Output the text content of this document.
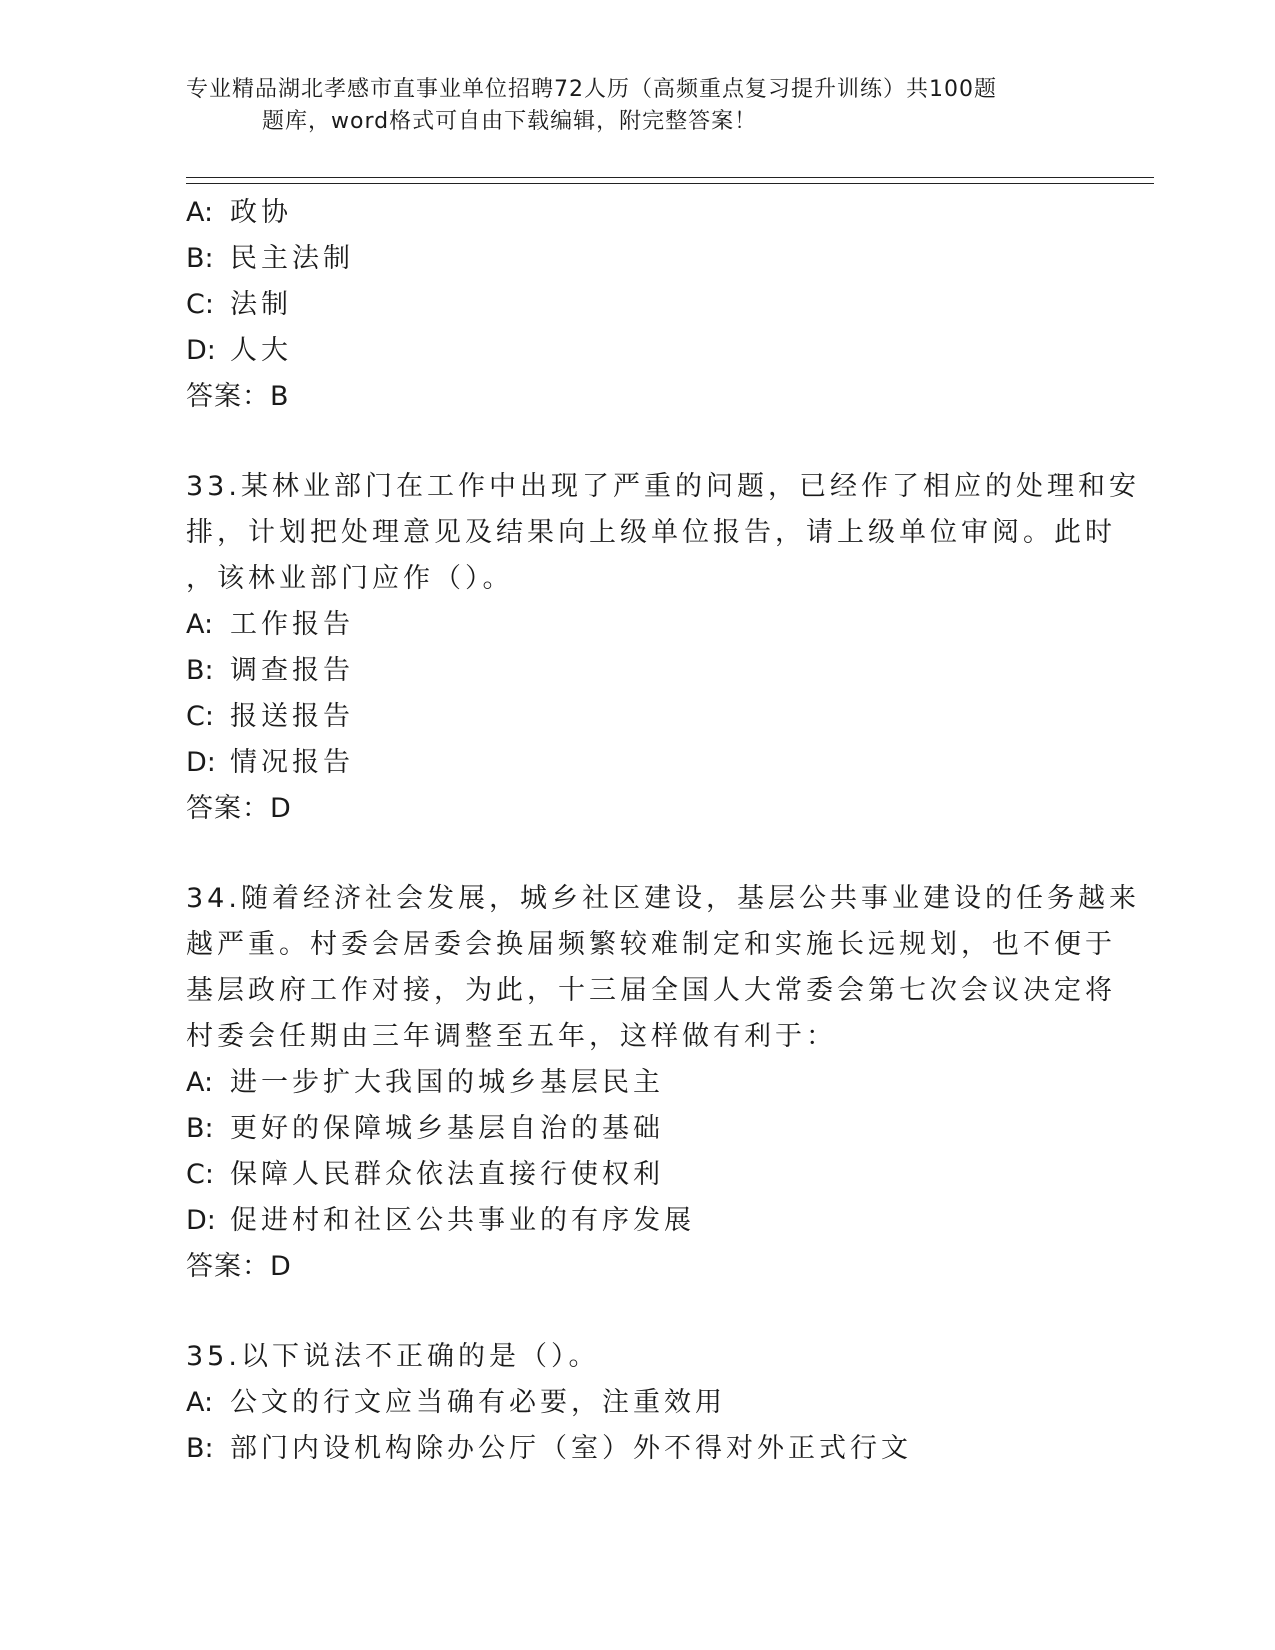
专业精品湖北孝感市直事业单位招聘72人历（高频重点复习提升训练）共100题
题库，word格式可自由下载编辑，附完整答案！
A: 政协
B: 民主法制
C: 法制
D: 人大
答案：B
33.某林业部门在工作中出现了严重的问题，已经作了相应的处理和安
排，计划把处理意见及结果向上级单位报告，请上级单位审阅。此时
，该林业部门应作（）。
A: 工作报告
B: 调查报告
C: 报送报告
D: 情况报告
答案：D
34.随着经济社会发展，城乡社区建设，基层公共事业建设的任务越来
越严重。村委会居委会换届频繁较难制定和实施长远规划，也不便于
基层政府工作对接，为此，十三届全国人大常委会第七次会议决定将
村委会任期由三年调整至五年，这样做有利于：
A: 进一步扩大我国的城乡基层民主
B: 更好的保障城乡基层自治的基础
C: 保障人民群众依法直接行使权利
D: 促进村和社区公共事业的有序发展
答案：D
35.以下说法不正确的是（）。
A: 公文的行文应当确有必要，注重效用
B: 部门内设机构除办公厅（室）外不得对外正式行文
